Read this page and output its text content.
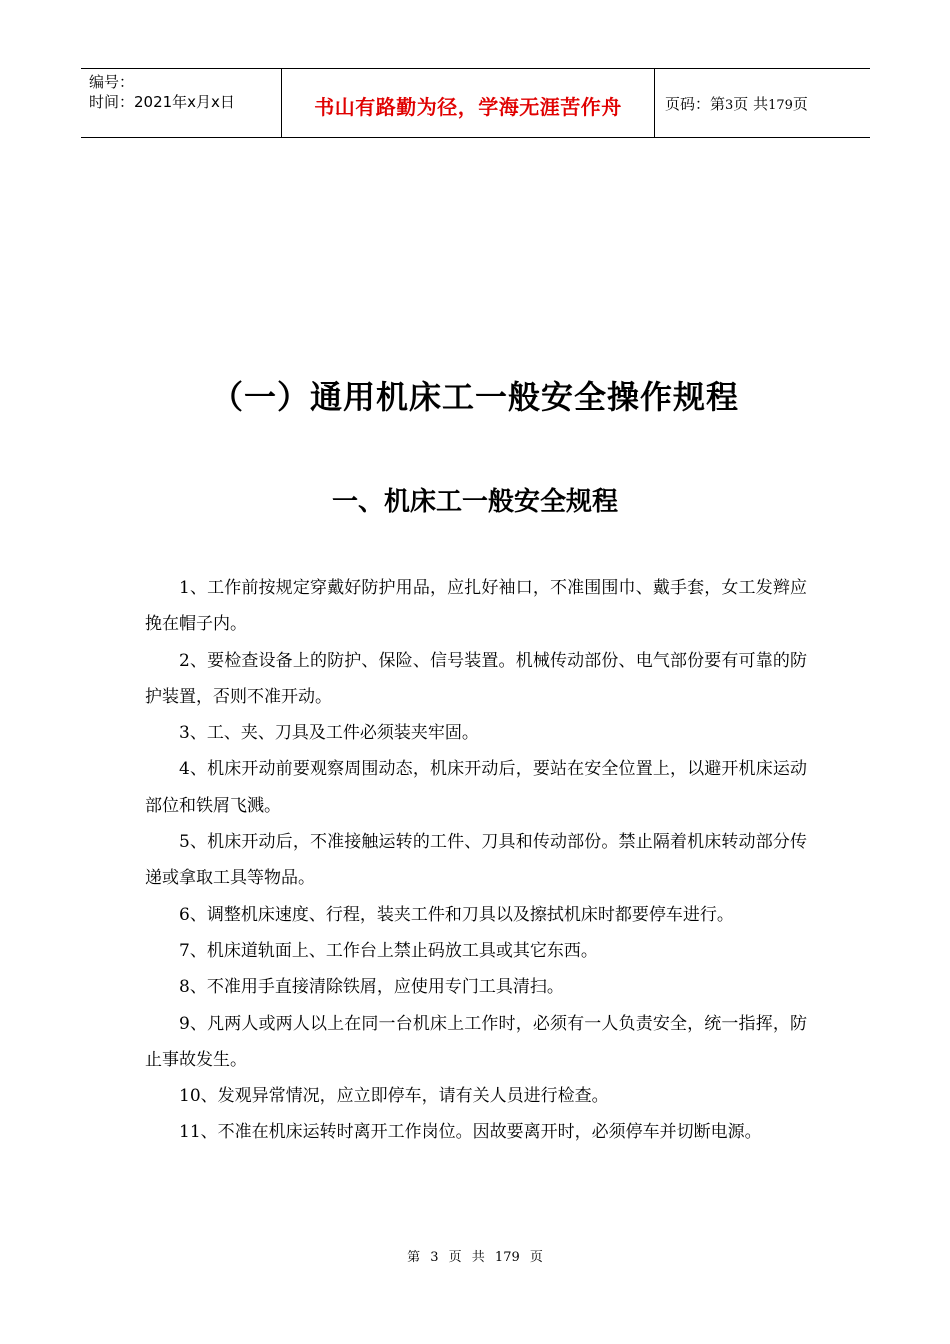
编号：
时间：2021年x月x日	书山有路勤为径，学海无涯苦作舟	页码：第3页 共179页
（一）通用机床工一般安全操作规程
一、机床工一般安全规程

1、工作前按规定穿戴好防护用品，应扎好袖口，不准围围巾、戴手套，女工发辫应挽在帽子内。

2、要检查设备上的防护、保险、信号装置。机械传动部份、电气部份要有可靠的防护装置，否则不准开动。

3、工、夹、刀具及工件必须装夹牢固。

4、机床开动前要观察周围动态，机床开动后，要站在安全位置上，以避开机床运动部位和铁屑飞溅。

5、机床开动后，不准接触运转的工件、刀具和传动部份。禁止隔着机床转动部分传递或拿取工具等物品。

6、调整机床速度、行程，装夹工件和刀具以及擦拭机床时都要停车进行。

7、机床道轨面上、工作台上禁止码放工具或其它东西。

8、不准用手直接清除铁屑，应使用专门工具清扫。

9、凡两人或两人以上在同一台机床上工作时，必须有一人负责安全，统一指挥，防止事故发生。

10、发观异常情况，应立即停车，请有关人员进行检查。

11、不准在机床运转时离开工作岗位。因故要离开时，必须停车并切断电源。

第 3 页 共 179 页
